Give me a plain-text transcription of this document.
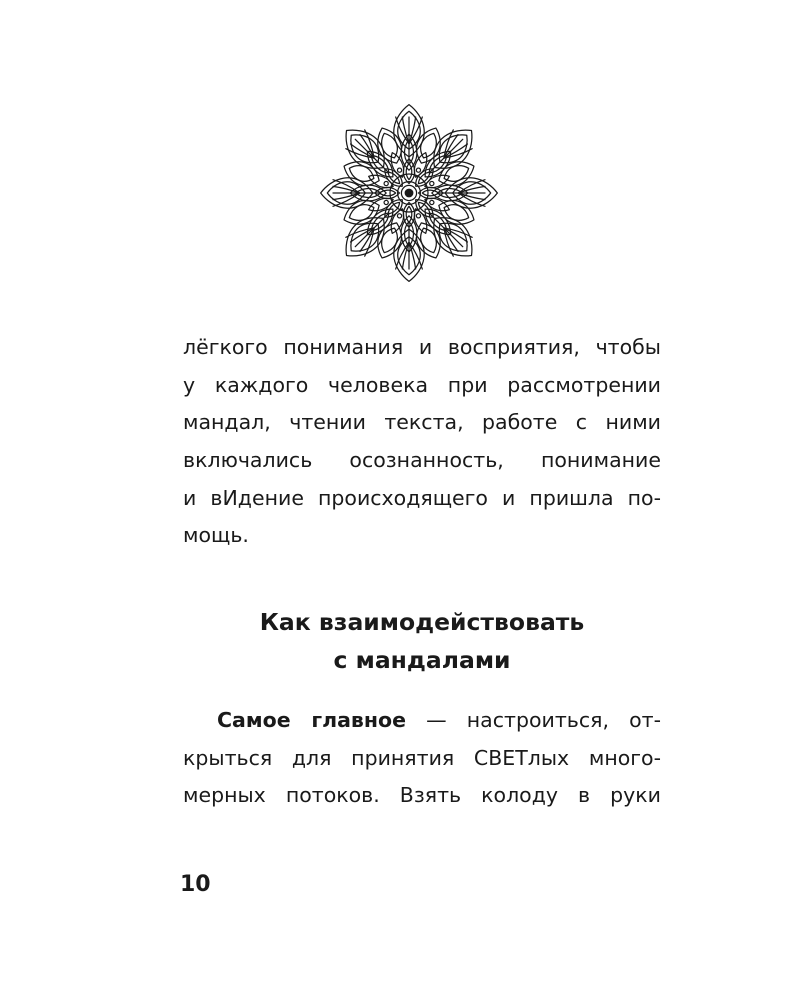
лёгкого понимания и восприятия, чтобы
у каждого человека при рассмотрении
мандал, чтении текста, работе с ними
включались осознанность, понимание
и вИдение происходящего и пришла по-
мощь.
Как взаимодействовать
с мандалами
Самое главное — настроиться, от-
крыться для принятия СВЕТлых много-
мерных потоков. Взять колоду в руки
10
